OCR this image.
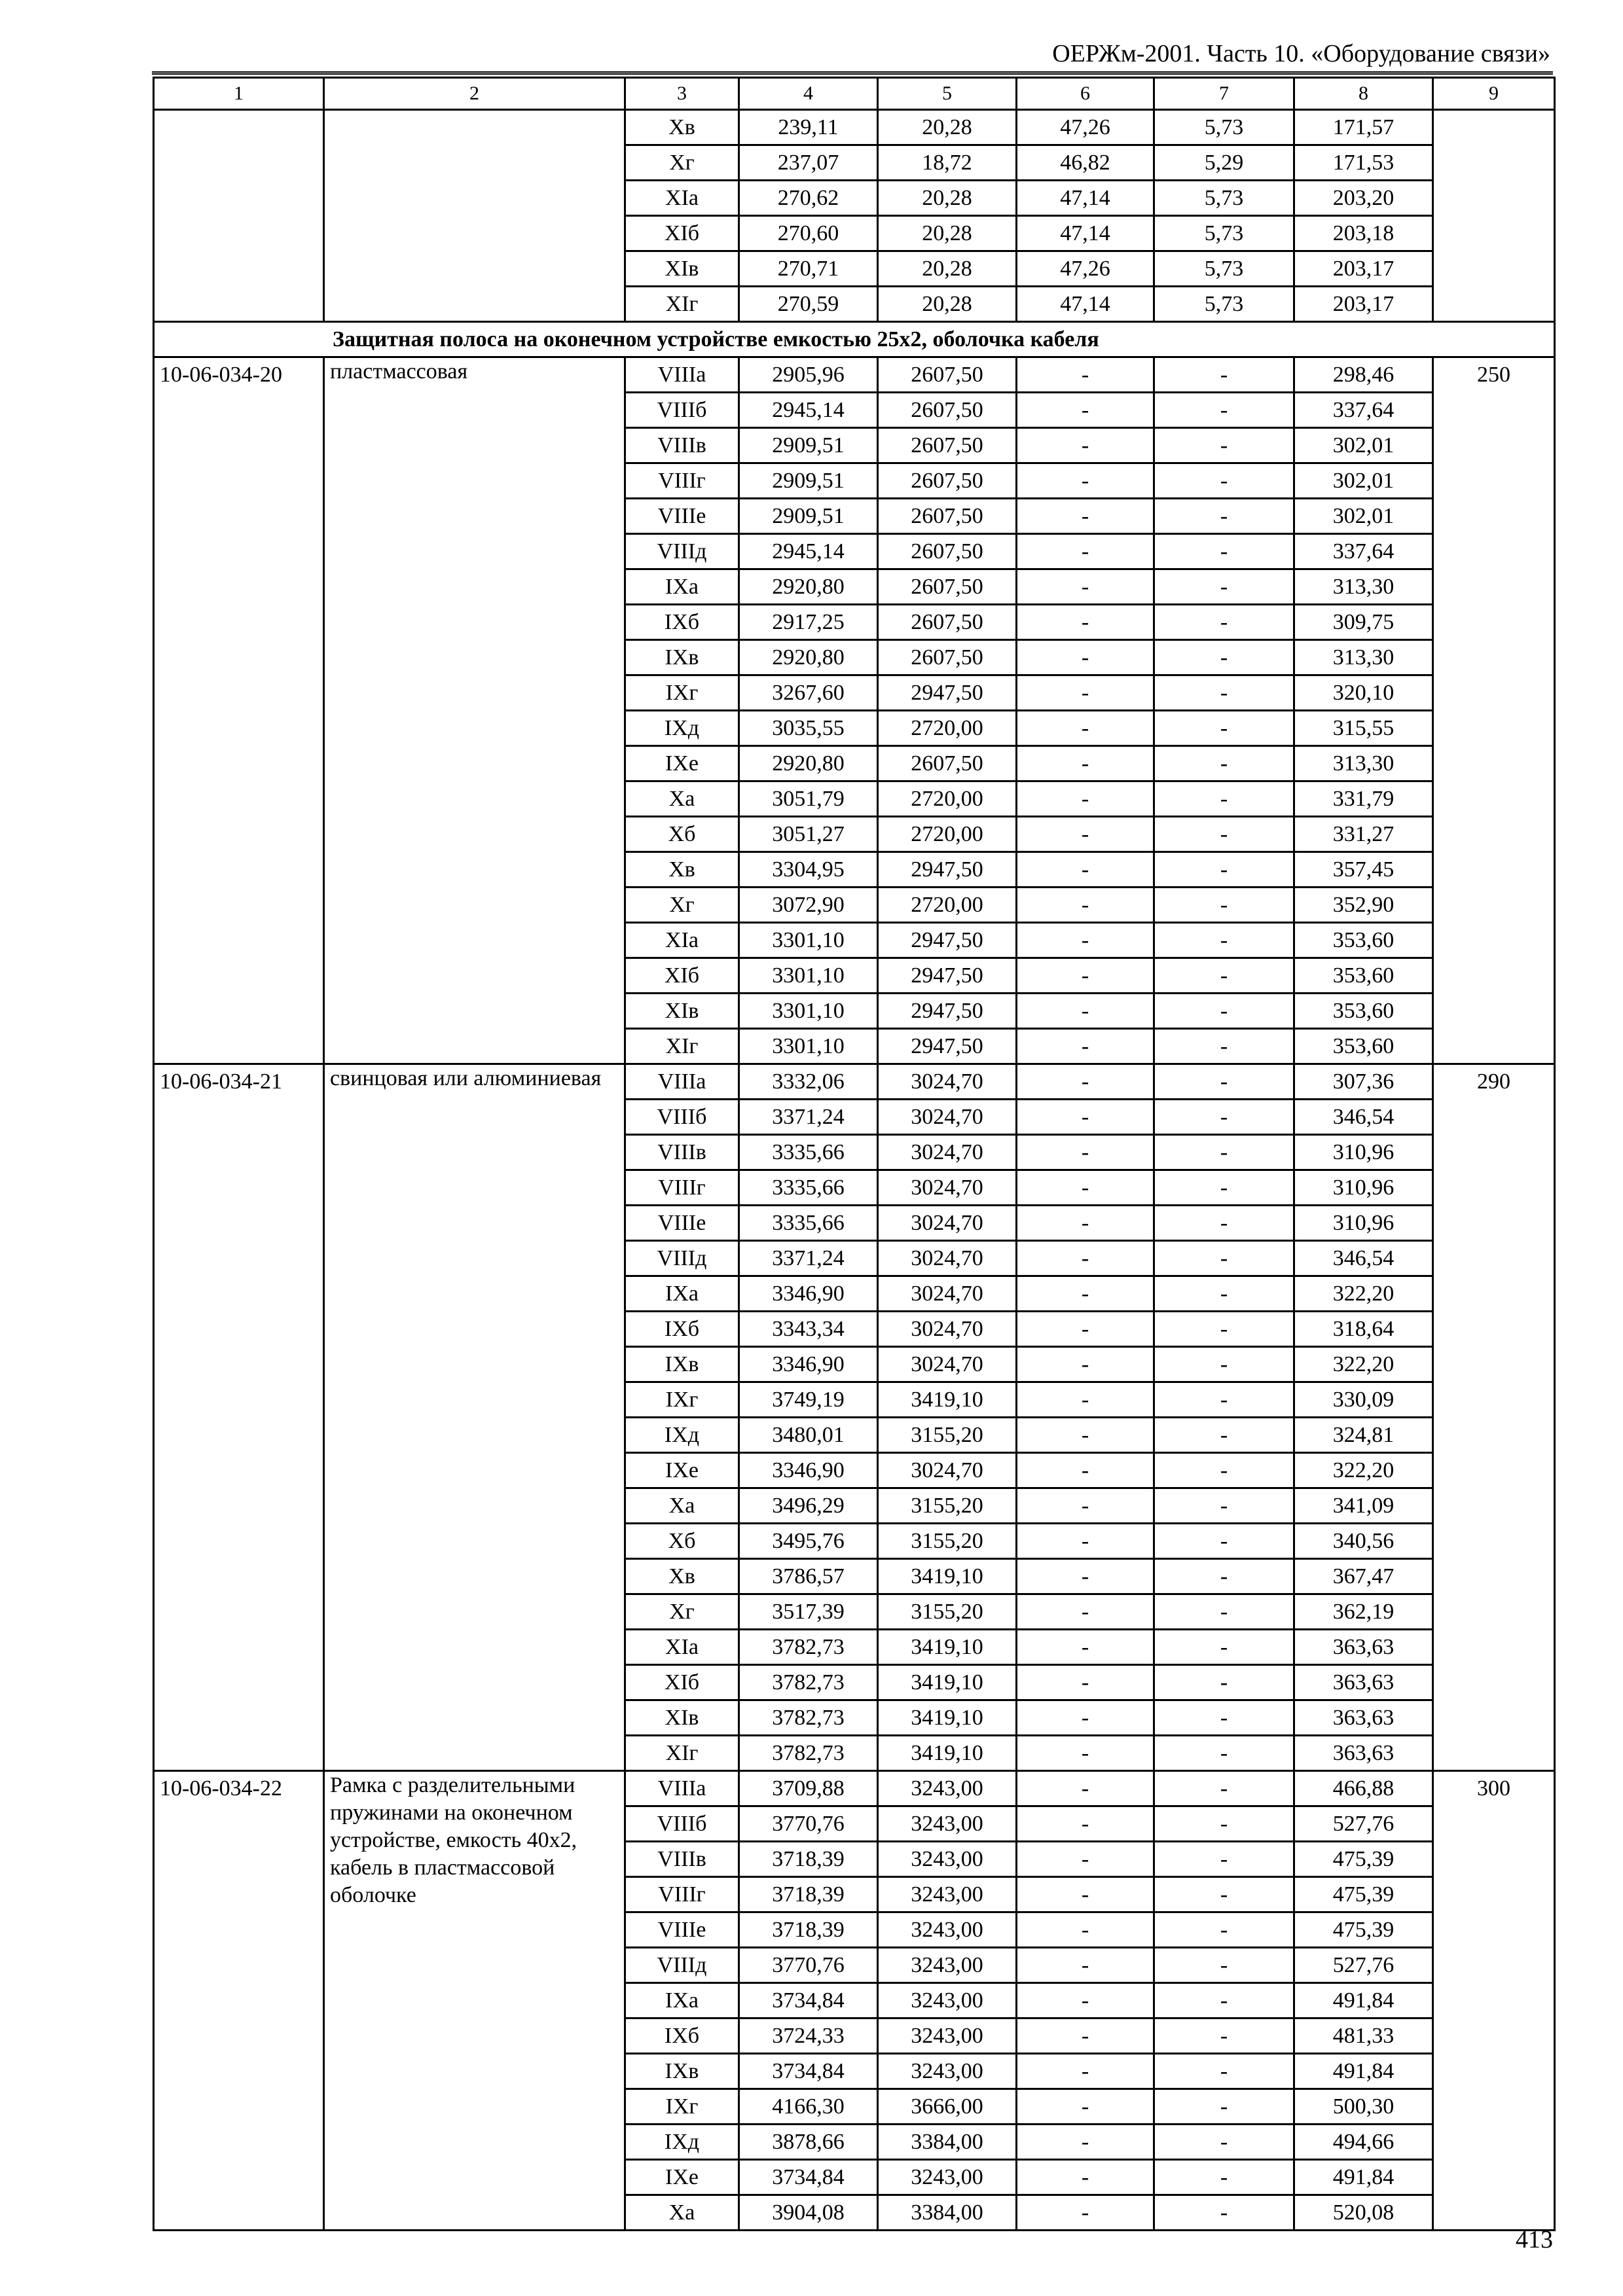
ОЕРЖм-2001. Часть 10. «Оборудование связи»
1	2	3	4	5	6	7	8	9
		Xв	239,11	20,28	47,26	5,73	171,57	
		Xг	237,07	18,72	46,82	5,29	171,53	
		XIа	270,62	20,28	47,14	5,73	203,20	
		XIб	270,60	20,28	47,14	5,73	203,18	
		XIв	270,71	20,28	47,26	5,73	203,17	
		XIг	270,59	20,28	47,14	5,73	203,17	
Защитная полоса на оконечном устройстве емкостью 25х2, оболочка кабеля								
10-06-034-20	пластмассовая	VIIIа	2905,96	2607,50	-	-	298,46	250
		VIIIб	2945,14	2607,50	-	-	337,64	
		VIIIв	2909,51	2607,50	-	-	302,01	
		VIIIг	2909,51	2607,50	-	-	302,01	
		VIIIе	2909,51	2607,50	-	-	302,01	
		VIIIд	2945,14	2607,50	-	-	337,64	
		IXа	2920,80	2607,50	-	-	313,30	
		IXб	2917,25	2607,50	-	-	309,75	
		IXв	2920,80	2607,50	-	-	313,30	
		IXг	3267,60	2947,50	-	-	320,10	
		IXд	3035,55	2720,00	-	-	315,55	
		IXе	2920,80	2607,50	-	-	313,30	
		Xа	3051,79	2720,00	-	-	331,79	
		Xб	3051,27	2720,00	-	-	331,27	
		Xв	3304,95	2947,50	-	-	357,45	
		Xг	3072,90	2720,00	-	-	352,90	
		XIа	3301,10	2947,50	-	-	353,60	
		XIб	3301,10	2947,50	-	-	353,60	
		XIв	3301,10	2947,50	-	-	353,60	
		XIг	3301,10	2947,50	-	-	353,60	
10-06-034-21	свинцовая или алюминиевая	VIIIа	3332,06	3024,70	-	-	307,36	290
		VIIIб	3371,24	3024,70	-	-	346,54	
		VIIIв	3335,66	3024,70	-	-	310,96	
		VIIIг	3335,66	3024,70	-	-	310,96	
		VIIIе	3335,66	3024,70	-	-	310,96	
		VIIIд	3371,24	3024,70	-	-	346,54	
		IXа	3346,90	3024,70	-	-	322,20	
		IXб	3343,34	3024,70	-	-	318,64	
		IXв	3346,90	3024,70	-	-	322,20	
		IXг	3749,19	3419,10	-	-	330,09	
		IXд	3480,01	3155,20	-	-	324,81	
		IXе	3346,90	3024,70	-	-	322,20	
		Xа	3496,29	3155,20	-	-	341,09	
		Xб	3495,76	3155,20	-	-	340,56	
		Xв	3786,57	3419,10	-	-	367,47	
		Xг	3517,39	3155,20	-	-	362,19	
		XIа	3782,73	3419,10	-	-	363,63	
		XIб	3782,73	3419,10	-	-	363,63	
		XIв	3782,73	3419,10	-	-	363,63	
		XIг	3782,73	3419,10	-	-	363,63	
10-06-034-22	Рамка с разделительными пружинами на оконечном устройстве, емкость 40х2, кабель в пластмассовой оболочке	VIIIа	3709,88	3243,00	-	-	466,88	300
		VIIIб	3770,76	3243,00	-	-	527,76	
		VIIIв	3718,39	3243,00	-	-	475,39	
		VIIIг	3718,39	3243,00	-	-	475,39	
		VIIIе	3718,39	3243,00	-	-	475,39	
		VIIIд	3770,76	3243,00	-	-	527,76	
		IXа	3734,84	3243,00	-	-	491,84	
		IXб	3724,33	3243,00	-	-	481,33	
		IXв	3734,84	3243,00	-	-	491,84	
		IXг	4166,30	3666,00	-	-	500,30	
		IXд	3878,66	3384,00	-	-	494,66	
		IXе	3734,84	3243,00	-	-	491,84	
		Xа	3904,08	3384,00	-	-	520,08	
413
